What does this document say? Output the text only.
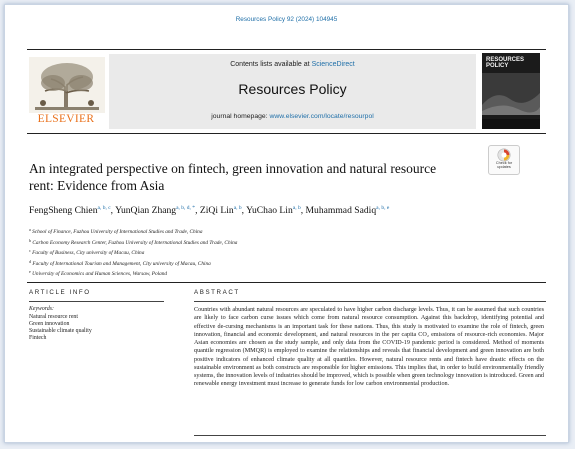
Resources Policy 92 (2024) 104945
ELSEVIER
Contents lists available at ScienceDirect
Resources Policy
journal homepage: www.elsevier.com/locate/resourpol
RESOURCES
POLICY
Check for
updates
An integrated perspective on fintech, green innovation and natural resource
rent: Evidence from Asia
FengSheng Chien$^{a, b, c}$, YunQian Zhang$^{a, b, d, *}$, ZiQi Lin$^{a, b}$, YuChao Lin$^{a, b}$, Muhammad Sadiq$^{a, b, e}$
$^a$ School of Finance, Fuzhou University of International Studies and Trade, China
$^b$ Carbon Economy Research Center, Fuzhou University of International Studies and Trade, China
$^c$ Faculty of Business, City university of Macau, China
$^d$ Faculty of International Tourism and Management, City university of Macau, China
$^e$ University of Economics and Human Sciences, Warsaw, Poland
ARTICLE INFO	ABSTRACT
Keywords:
Natural resource rent
Green innovation
Sustainable climate quality
Fintech
Countries with abundant natural resources are speculated to have higher carbon discharge levels. Thus, it can be assumed that such countries are likely to face carbon curse issues which come from natural resource consumption. Against this backdrop, identifying potential and effective de-cursing mechanisms is an important task for these nations. Thus, this study is motivated to examine the role of fintech, green innovation, financial and economic development, and natural resources in the per capita CO₂ emissions of resource-rich economies. Major Asian economies are chosen as the study sample, and only data from the COVID-19 pandemic period is considered. Method of moments quantile regression (MMQR) is employed to examine the relationships and reveals that financial development and green innovation are both positive indicators of enhanced climate quality at all quantiles. However, natural resource rents and fintech have drastic effects on the sustainable environment as both constructs are responsible for higher emissions. This implies that, in order to build environmentally friendly systems, the innovation levels of industries should be improved, which is possible when green technology innovation is introduced. Green and renewable energy investment must increase to generate funds for low carbon environmental production.
